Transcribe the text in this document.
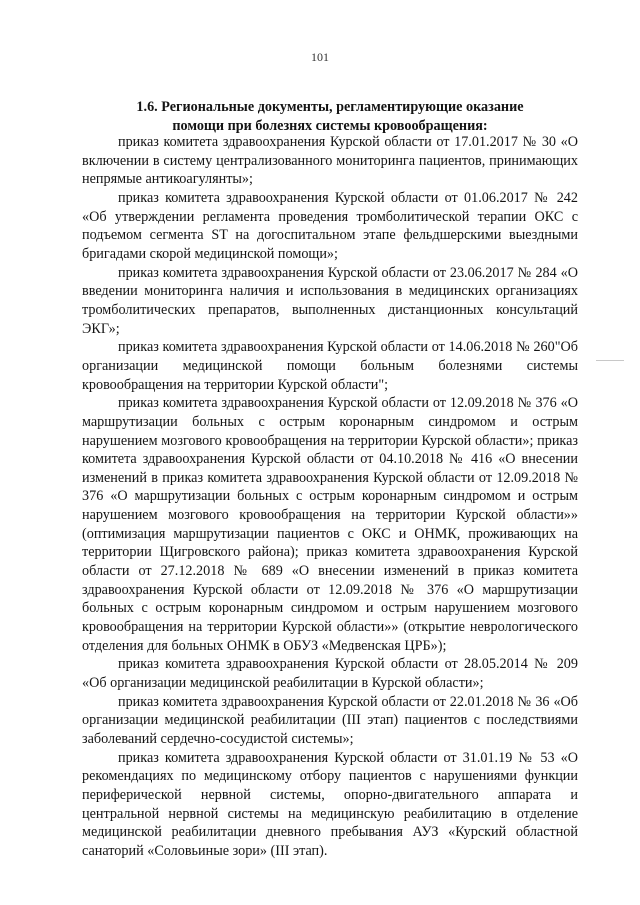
101
1.6. Региональные документы, регламентирующие оказание
помощи при болезнях системы кровообращения:

приказ комитета здравоохранения Курской области от 17.01.2017 № 30 «О включении в систему централизованного мониторинга пациентов, принимающих непрямые антикоагулянты»;

приказ комитета здравоохранения Курской области от 01.06.2017 № 242 «Об утверждении регламента проведения тромболитической терапии ОКС с подъемом сегмента ST на догоспитальном этапе фельдшерскими выездными бригадами скорой медицинской помощи»;

приказ комитета здравоохранения Курской области от 23.06.2017 № 284 «О введении мониторинга наличия и использования в медицинских организациях тромболитических препаратов, выполненных дистанционных консультаций ЭКГ»;

приказ комитета здравоохранения Курской области от 14.06.2018 № 260"Об организации медицинской помощи больным болезнями системы кровообращения на территории Курской области";

приказ комитета здравоохранения Курской области от 12.09.2018 № 376 «О маршрутизации больных с острым коронарным синдромом и острым нарушением мозгового кровообращения на территории Курской области»; приказ комитета здравоохранения Курской области от 04.10.2018 № 416 «О внесении изменений в приказ комитета здравоохранения Курской области от 12.09.2018 № 376 «О маршрутизации больных с острым коронарным синдромом и острым нарушением мозгового кровообращения на территории Курской области»» (оптимизация маршрутизации пациентов с ОКС и ОНМК, проживающих на территории Щигровского района); приказ комитета здравоохранения Курской области от 27.12.2018 № 689 «О внесении изменений в приказ комитета здравоохранения Курской области от 12.09.2018 № 376 «О маршрутизации больных с острым коронарным синдромом и острым нарушением мозгового кровообращения на территории Курской области»» (открытие неврологического отделения для больных ОНМК в ОБУЗ «Медвенская ЦРБ»);

приказ комитета здравоохранения Курской области от 28.05.2014 № 209 «Об организации медицинской реабилитации в Курской области»;

приказ комитета здравоохранения Курской области от 22.01.2018 № 36 «Об организации медицинской реабилитации (III этап) пациентов с последствиями заболеваний сердечно-сосудистой системы»;

приказ комитета здравоохранения Курской области от 31.01.19 № 53 «О рекомендациях по медицинскому отбору пациентов с нарушениями функции периферической нервной системы, опорно-двигательного аппарата и центральной нервной системы на медицинскую реабилитацию в отделение медицинской реабилитации дневного пребывания АУЗ «Курский областной санаторий «Соловьиные зори» (III этап).
